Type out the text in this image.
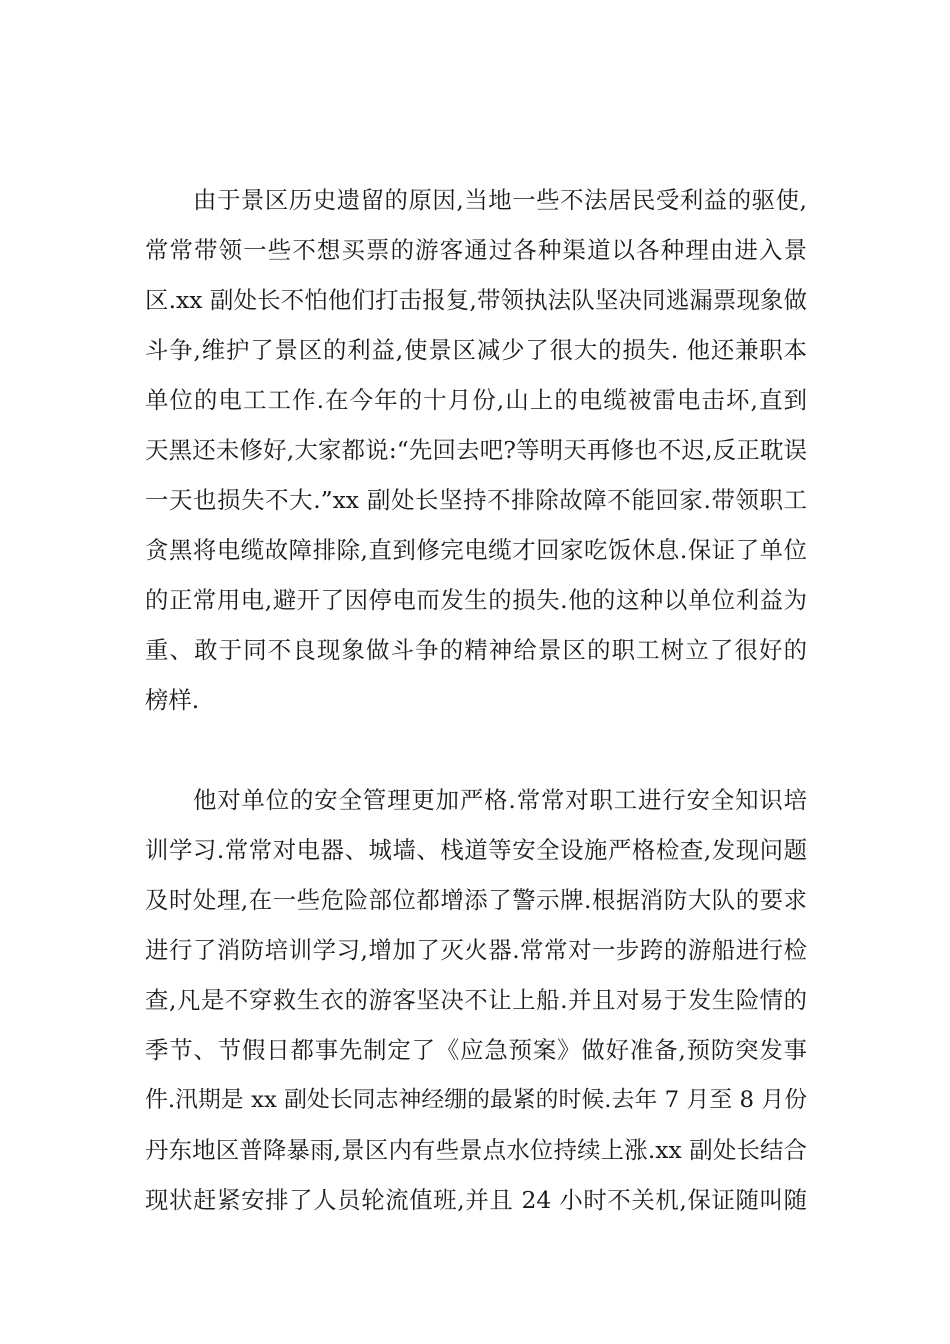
由于景区历史遗留的原因,当地一些不法居民受利益的驱使,
常常带领一些不想买票的游客通过各种渠道以各种理由进入景
区.xx 副处长不怕他们打击报复,带领执法队坚决同逃漏票现象做
斗争,维护了景区的利益,使景区减少了很大的损失. 他还兼职本
单位的电工工作.在今年的十月份,山上的电缆被雷电击坏,直到
天黑还未修好,大家都说:“先回去吧?等明天再修也不迟,反正耽误
一天也损失不大.”xx 副处长坚持不排除故障不能回家.带领职工
贪黑将电缆故障排除,直到修完电缆才回家吃饭休息.保证了单位
的正常用电,避开了因停电而发生的损失.他的这种以单位利益为
重、敢于同不良现象做斗争的精神给景区的职工树立了很好的
榜样.
他对单位的安全管理更加严格.常常对职工进行安全知识培
训学习.常常对电器、城墙、栈道等安全设施严格检查,发现问题
及时处理,在一些危险部位都增添了警示牌.根据消防大队的要求
进行了消防培训学习,增加了灭火器.常常对一步跨的游船进行检
查,凡是不穿救生衣的游客坚决不让上船.并且对易于发生险情的
季节、节假日都事先制定了《应急预案》做好准备,预防突发事
件.汛期是 xx 副处长同志神经绷的最紧的时候.去年 7 月至 8 月份
丹东地区普降暴雨,景区内有些景点水位持续上涨.xx 副处长结合
现状赶紧安排了人员轮流值班,并且 24 小时不关机,保证随叫随
